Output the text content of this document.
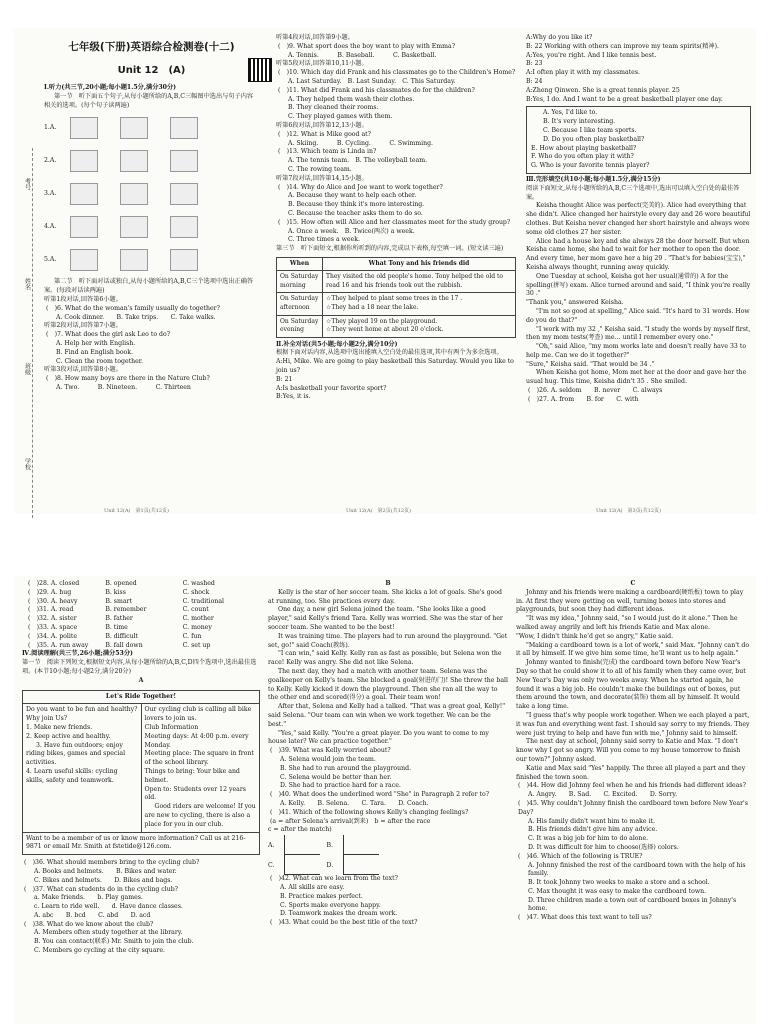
考号
姓名
班级
学校
七年级(下册)英语综合检测卷(十二)
Unit 12　(A)
Ⅰ.听力(共三节,20小题;每小题1.5分,满分30分)
第一节　听下面五个句子,从每小题所给的A,B,C三幅图中选出与句子内容相关的选项。(每个句子读两遍)
1.A.
2.A.
3.A.
4.A.
5.A.
第二节　听下面对话或独白,从每小题所给的A,B,C三个选项中选出正确答案。(每段对话读两遍)
听第1段对话,回答第6小题。
(　)6. What do the woman's family usually do together?
A. Cook dinner.　　B. Take trips.　　C. Take walks.
听第2段对话,回答第7小题。
(　)7. What does the girl ask Leo to do?
A. Help her with English.
B. Find an English book.
C. Clean the room together.
听第3段对话,回答第8小题。
(　)8. How many boys are there in the Nature Club?
A. Two.　　　B. Nineteen.　　　C. Thirteen
Unit 12(A)　第1页(共12页)
听第4段对话,回答第9小题。
(　)9. What sport does the boy want to play with Emma?
A. Tennis.　　　B. Baseball.　　　C. Basketball.
听第5段对话,回答第10,11小题。
(　)10. Which day did Frank and his classmates go to the Children's Home?
A. Last Saturday.　B. Last Sunday.　C. This Saturday.
(　)11. What did Frank and his classmates do for the children?
A. They helped them wash their clothes.
B. They cleaned their rooms.
C. They played games with them.
听第6段对话,回答第12,13小题。
(　)12. What is Mike good at?
A. Skiing.　　　B. Cycling.　　　C. Swimming.
(　)13. Which team is Linda in?
A. The tennis team.　B. The volleyball team.
C. The rowing team.
听第7段对话,回答第14,15小题。
(　)14. Why do Alice and Joe want to work together?
A. Because they want to help each other.
B. Because they think it's more interesting.
C. Because the teacher asks them to do so.
(　)15. How often will Alice and her classmates meet for the study group?
A. Once a week.　B. Twice(两次) a week.
C. Three times a week.
第三节　听下面短文,根据你所听到的内容,完成以下表格,每空填一词。(短文读三遍)
When	What Tony and his friends did
On Saturday morning	They visited the old people's home. Tony helped the old to read 16 and his friends took out the rubbish.

On Saturday afternoon	☆They helped to plant some trees in the 17 .
☆They had a 18 near the lake.

On Saturday evening	☆They played 19 on the playground.
☆They went home at about 20 o'clock.
Ⅱ.补全对话(共5小题;每小题2分,满分10分)
根据下面对话内容,从选项中选出能填入空白处的最佳选项,其中有两个为多余选项。
A:Hi, Mike. We are going to play basketball this Saturday. Would you like to join us?
B: 21
A:Is basketball your favorite sport?
B:Yes, it is.
Unit 12(A)　第2页(共12页)
A:Why do you like it?
B: 22 Working with others can improve my team spirits(精神).
A:Yes, you're right. And I like tennis best.
B: 23
A:I often play it with my classmates.
B: 24
A:Zheng Qinwen. She is a great tennis player. 25
B:Yes, I do. And I want to be a great basketball player one day.
A. Yes, I'd like to.
B. It's very interesting.
C. Because I like team sports.
D. Do you often play basketball?
E. How about playing basketball?
F. Who do you often play it with?
G. Who is your favorite tennis player?
Ⅲ.完形填空(共10小题;每小题1.5分,满分15分)
阅读下面短文,从每小题所给的A,B,C三个选项中,选出可以填入空白处的最佳答案。
Keisha thought Alice was perfect(完美的). Alice had everything that she didn't. Alice changed her hairstyle every day and 26 wore beautiful clothes. But Keisha never changed her short hairstyle and always wore some old clothes 27 her sister.
Alice had a house key and she always 28 the door herself. But when Keisha came home, she had to wait for her mother to open the door. And every time, her mom gave her a big 29 . "That's for babies(宝宝)," Keisha always thought, running away quickly.
One Tuesday at school, Keisha got her usual(通常的) A for the spelling(拼写) exam. Alice turned around and said, "I think you're really 30 ."
"Thank you," answered Keisha.
"I'm not so good at spelling," Alice said. "It's hard to 31 words. How do you do that?"
"I work with my 32 ," Keisha said. "I study the words by myself first, then my mom tests(考查) me… until I remember every one."
"Oh," said Alice, "my mom works late and doesn't really have 33 to help me. Can we do it together?"
"Sure," Keisha said. "That would be 34 ."
When Keisha got home, Mom met her at the door and gave her the usual hug. This time, Keisha didn't 35 . She smiled.
(　)26. A. seldom　　B. never　　C. always
(　)27. A. from　　B. for　　C. with
Unit 12(A)　第3页(共12页)
(　)28. A. closed	B. opened	C. washed
(　)29. A. hug	B. kiss	C. shock
(　)30. A. heavy	B. smart	C. traditional
(　)31. A. read	B. remember	C. count
(　)32. A. sister	B. father	C. mother
(　)33. A. space	B. time	C. money
(　)34. A. polite	B. difficult	C. fun
(　)35. A. run away	B. fall down	C. set up
Ⅳ.阅读理解(共三节,26小题;满分53分)
第一节　阅读下列短文,根据短文内容,从每小题所给的A,B,C,D四个选项中,选出最佳选项。(本节10小题;每小题2分,满分20分)
A
Let's Ride Together!
Do you want to be fun and healthy?
Why join Us?
1. Make new friends.
2. Keep active and healthy.
3. Have fun outdoors; enjoy riding bikes, games and special activities.
4. Learn useful skills: cycling skills, safety and teamwork.
Our cycling club is calling all bike lovers to join us.
Club Information
Meeting days: At 4:00 p.m. every Monday.
Meeting place: The square in front of the school library.
Things to bring: Your bike and helmet.
Open to: Students over 12 years old.
Good riders are welcome! If you are new to cycling, there is also a place for you in our club.
Want to be a member of us or know more information? Call us at 216-9871 or email Mr. Smith at fstetide@126.com.
(　)36. What should members bring to the cycling club?
A. Books and helmets.　　B. Bikes and water.
C. Bikes and helmets.　　D. Bikes and bags.
(　)37. What can students do in the cycling club?
a. Make friends.　　b. Play games.
c. Learn to ride well.　　d. Have dance classes.
A. abc　　B. bcd　　C. abd　　D. acd
(　)38. What do we know about the club?
A. Members often study together at the library.
B. You can contact(联系) Mr. Smith to join the club.
C. Members go cycling at the city square.
B
Kelly is the star of her soccer team. She kicks a lot of goals. She's good at running, too. She practices every day.
One day, a new girl Selena joined the team. "She looks like a good player," said Kelly's friend Tara. Kelly was worried. She was the star of her soccer team. She wanted to be the best!
It was training time. The players had to run around the playground. "Get set, go!" said Coach(教练).
"I can win," said Kelly. Kelly ran as fast as possible, but Selena won the race! Kelly was angry. She did not like Selena.
The next day, they had a match with another team. Selena was the goalkeeper on Kelly's team. She blocked a goal(射进的门)! She threw the ball to Kelly. Kelly kicked it down the playground. Then she ran all the way to the other end and scored(得分) a goal. Their team won!
After that, Selena and Kelly had a talked. "That was a great goal, Kelly!" said Selena. "Our team can win when we work together. We can be the best."
"Yes," said Kelly. "You're a great player. Do you want to come to my house later? We can practice together."
(　)39. What was Kelly worried about?
A. Selena would join the team.
B. She had to run around the playground.
C. Selena would be better than her.
D. She had to practice hard for a race.
(　)40. What does the underlined word "She" in Paragraph 2 refer to?
A. Kelly.　　B. Selena.　　C. Tara.　　D. Coach.
(　)41. Which of the following shows Kelly's changing feelings?
(a = after Selena's arrival(到来)　b = after the race
c = after the match)
A.	B.
C.	D.
(　)42. What can we learn from the text?
A. All skills are easy.
B. Practice makes perfect.
C. Sports make everyone happy.
D. Teamwork makes the dream work.
(　)43. What could be the best title of the text?
C
Johnny and his friends were making a cardboard(硬纸板) town to play in. At first they were getting on well, turning boxes into stores and playgrounds, but soon they had different ideas.
"It was my idea," Johnny said, "so I would just do it alone." Then he walked away angrily and left his friends Katie and Max alone.
"Wow, I didn't think he'd get so angry," Katie said.
"Making a cardboard town is a lot of work," said Max. "Johnny can't do it all by himself. If we give him some time, he'll want us to help again."
Johnny wanted to finish(完成) the cardboard town before New Year's Day so that he could show it to all of his family when they came over, but New Year's Day was only two weeks away. When he started again, he found it was a big job. He couldn't make the buildings out of boxes, put them around the town, and decorate(装饰) them all by himself. It would take a long time.
"I guess that's why people work together. When we each played a part, it was fun and everything went fast. I should say sorry to my friends. They were just trying to help and have fun with me," Johnny said to himself.
The next day at school, Johnny said sorry to Katie and Max. "I don't know why I got so angry. Will you come to my house tomorrow to finish our town?" Johnny asked.
Katie and Max said "Yes" happily. The three all played a part and they finished the town soon.
(　)44. How did Johnny feel when he and his friends had different ideas?
A. Angry.　　B. Sad.　　C. Excited.　　D. Sorry.
(　)45. Why couldn't Johnny finish the cardboard town before New Year's Day?
A. His family didn't want him to make it.
B. His friends didn't give him any advice.
C. It was a big job for him to do alone.
D. It was difficult for him to choose(选择) colors.
(　)46. Which of the following is TRUE?
A. Johnny finished the rest of the cardboard town with the help of his family.
B. It took Johnny two weeks to make a store and a school.
C. Max thought it was easy to make the cardboard town.
D. Three children made a town out of cardboard boxes in Johnny's home.
(　)47. What does this text want to tell us?
